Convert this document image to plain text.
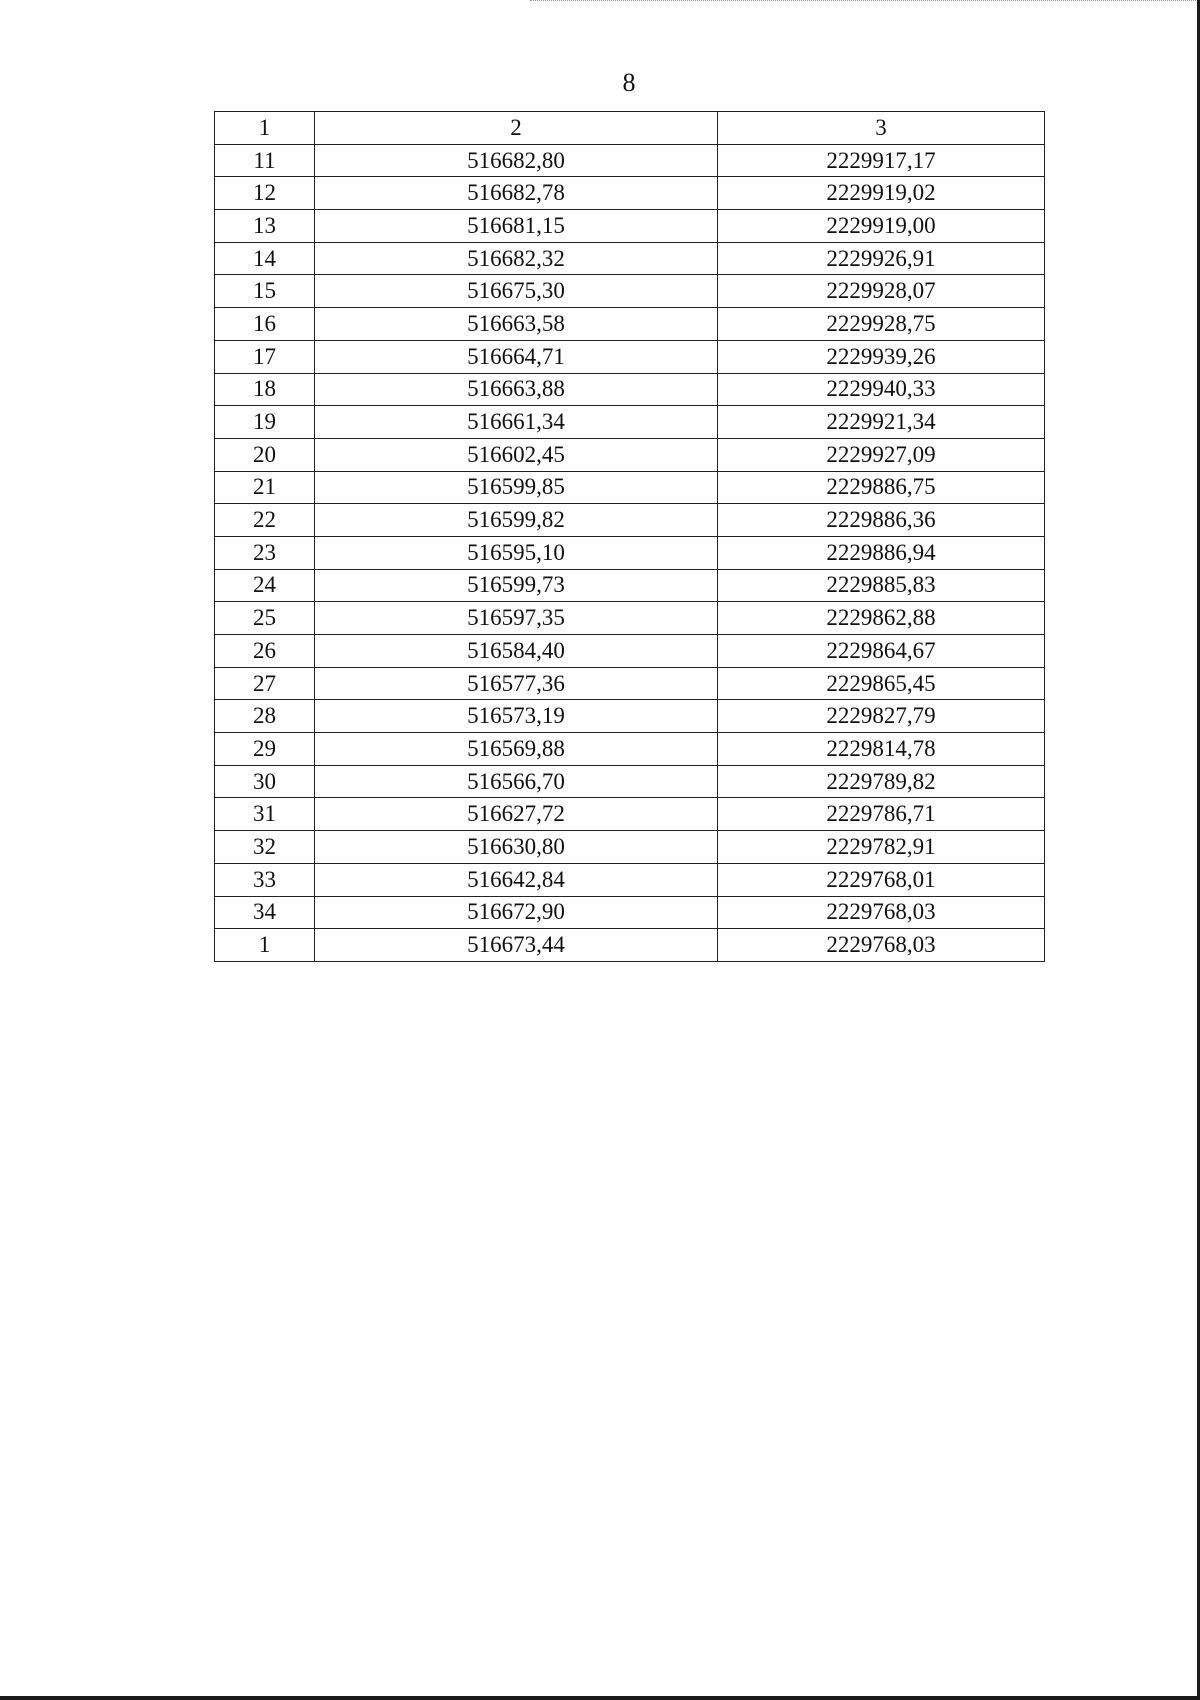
8
1	2	3
11	516682,80	2229917,17
12	516682,78	2229919,02
13	516681,15	2229919,00
14	516682,32	2229926,91
15	516675,30	2229928,07
16	516663,58	2229928,75
17	516664,71	2229939,26
18	516663,88	2229940,33
19	516661,34	2229921,34
20	516602,45	2229927,09
21	516599,85	2229886,75
22	516599,82	2229886,36
23	516595,10	2229886,94
24	516599,73	2229885,83
25	516597,35	2229862,88
26	516584,40	2229864,67
27	516577,36	2229865,45
28	516573,19	2229827,79
29	516569,88	2229814,78
30	516566,70	2229789,82
31	516627,72	2229786,71
32	516630,80	2229782,91
33	516642,84	2229768,01
34	516672,90	2229768,03
1	516673,44	2229768,03
